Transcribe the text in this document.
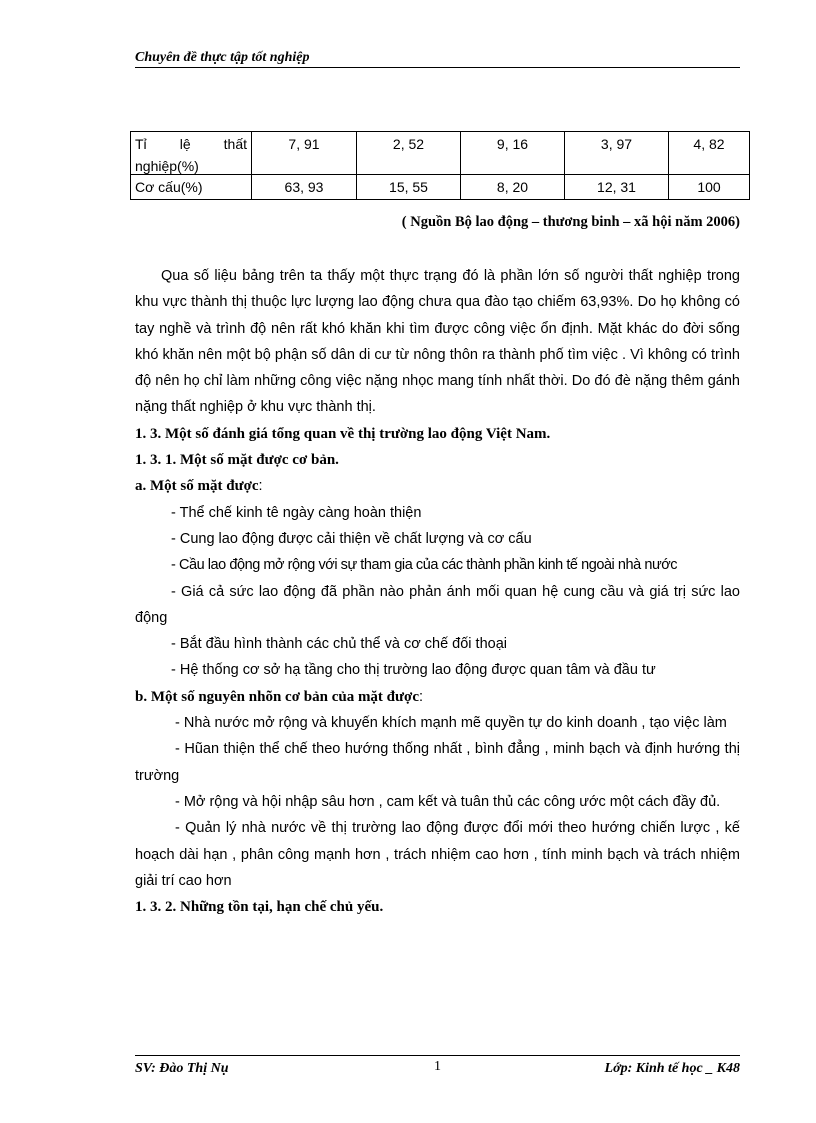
Chuyên đề thực tập tốt nghiệp
Tỉ lệ thất
nghiệp(%)	7, 91	2, 52	9, 16	3, 97	4, 82
Cơ cấu(%)	63, 93	15, 55	8, 20	12, 31	100
( Nguồn Bộ lao động – thương binh – xã hội năm 2006)

Qua số liệu bảng trên ta thấy một thực trạng đó là phần lớn số người thất nghiệp trong khu vực thành thị thuộc lực lượng lao động chưa qua đào tạo chiếm 63,93%. Do họ không có tay nghề và trình độ nên rất khó khăn khi tìm được công việc ổn định. Mặt khác do đời sống khó khăn nên một bộ phận số dân di cư từ nông thôn ra thành phố tìm việc . Vì không có trình độ nên họ chỉ làm những công việc nặng nhọc mang tính nhất thời. Do đó đè nặng thêm gánh nặng thất nghiệp ở khu vực thành thị.

1. 3. Một số đánh giá tổng quan về thị trường lao động Việt Nam.

1. 3. 1. Một số mặt được cơ bản.

a. Một số mặt được:

- Thể chế kinh tê ngày càng hoàn thiện

- Cung lao động được cải thiện về chất lượng và cơ cấu

- Cầu lao động mở rộng với sự tham gia của các thành phần kinh tế ngoài nhà nước

- Giá cả sức lao động đã phần nào phản ánh mối quan hệ cung cầu và giá trị sức lao động

- Bắt đầu hình thành các chủ thể và cơ chế đối thoại

- Hệ thống cơ sở hạ tầng cho thị trường lao động được quan tâm và đầu tư

b. Một số nguyên nhõn cơ bản của mặt được:

- Nhà nước mở rộng và khuyến khích mạnh mẽ quyền tự do kinh doanh , tạo việc làm

- Hũan thiện thể chế theo hướng thống nhất , bình đẳng , minh bạch và định hướng thị trường

- Mở rộng và hội nhập sâu hơn , cam kết và tuân thủ các công ước một cách đầy đủ.

- Quản lý nhà nước về thị trường lao động được đổi mới theo hướng chiến lược , kế hoạch dài hạn , phân công mạnh hơn , trách nhiệm cao hơn , tính minh bạch và trách nhiệm giải trí cao hơn

1. 3. 2. Những tồn tại, hạn chế chủ yếu.

SV: Đào Thị Nụ	1	Lớp: Kinh tế học _ K48
